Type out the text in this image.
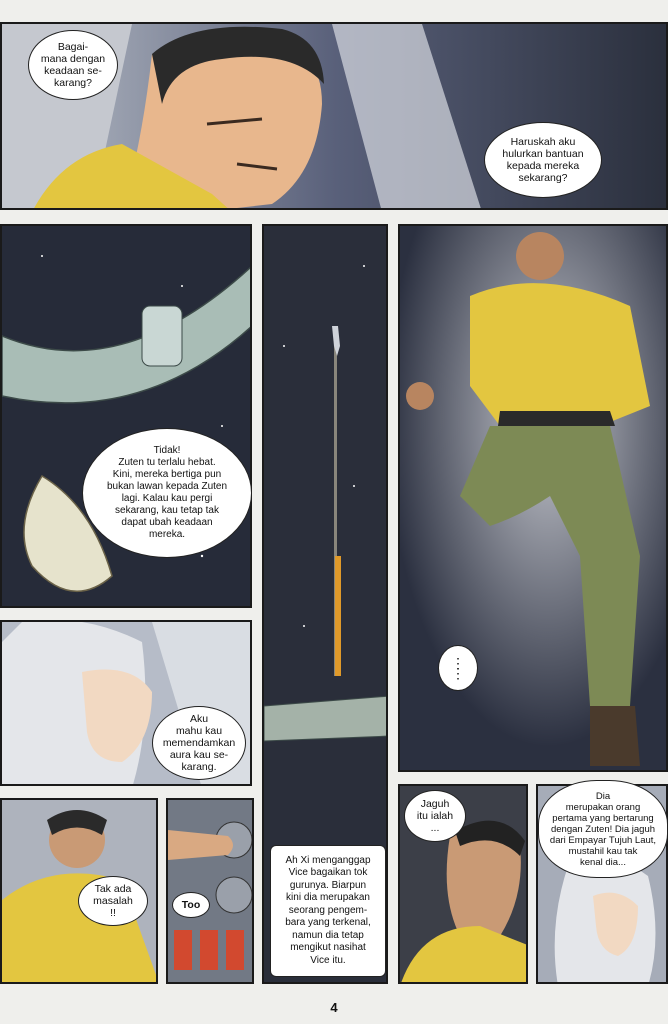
Bagai-
mana dengan
keadaan se-
karang?
Haruskah aku
hulurkan bantuan
kepada mereka
sekarang?
Tidak!
Zuten tu terlalu hebat.
Kini, mereka bertiga pun
bukan lawan kepada Zuten
lagi. Kalau kau pergi
sekarang, kau tetap tak
dapat ubah keadaan
mereka.
Ah Xi menganggap
Vice bagaikan tok
gurunya. Biarpun
kini dia merupakan
seorang pengem-
bara yang terkenal,
namun dia tetap
mengikut nasihat
Vice itu.
⋮
⋮
Aku
mahu kau
memendamkan
aura kau se-
karang.
Tak ada
masalah
!!
Too
Jaguh
itu ialah
...
Dia
merupakan orang
pertama yang bertarung
dengan Zuten! Dia jaguh
dari Empayar Tujuh Laut,
mustahil kau tak
kenal dia...
4
